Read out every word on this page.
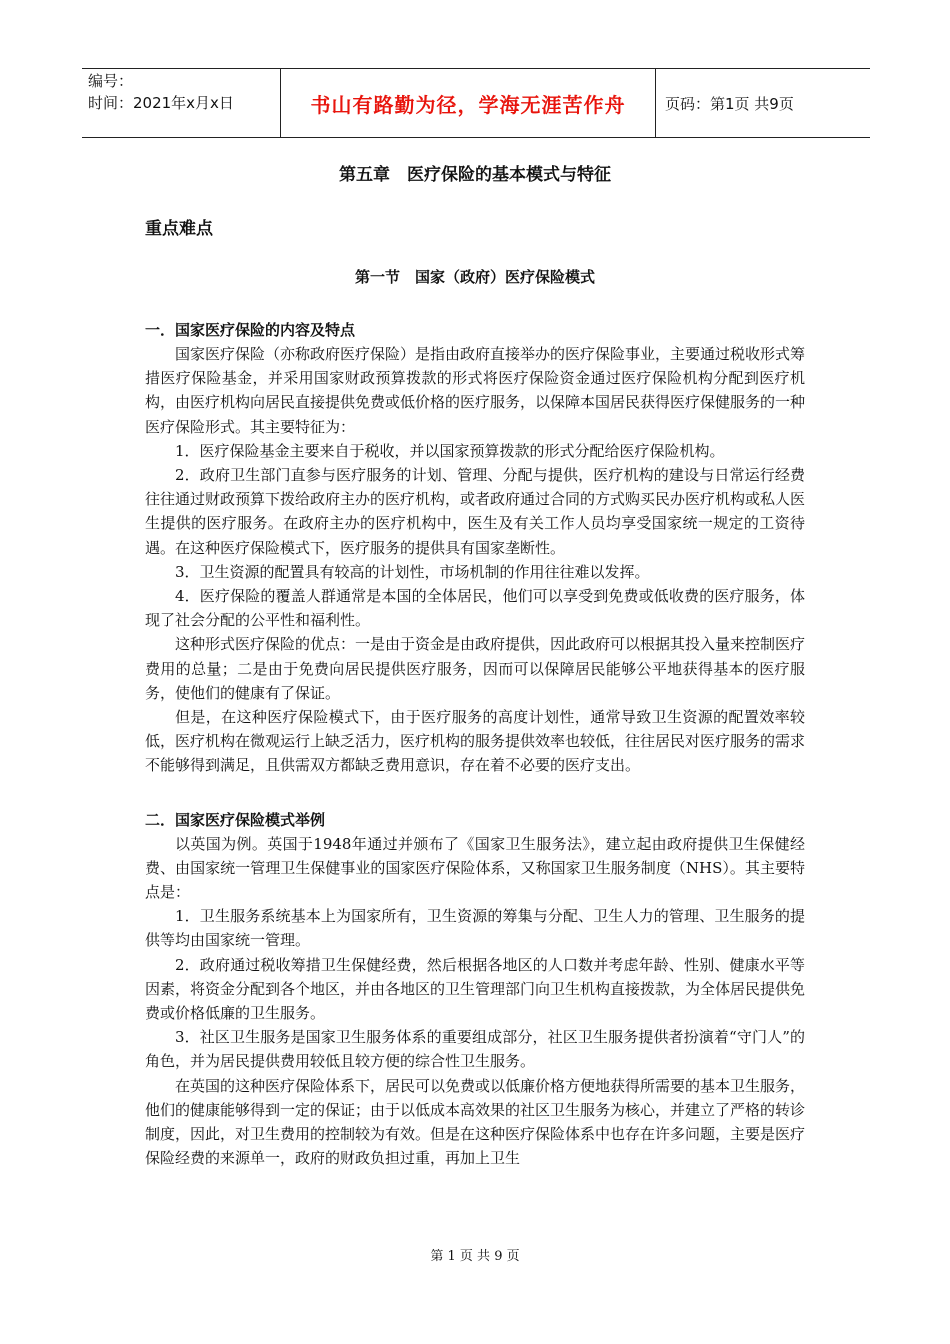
编号：
时间：2021年x月x日	书山有路勤为径，学海无涯苦作舟	页码：第1页 共9页
第五章　医疗保险的基本模式与特征
重点难点
第一节　国家（政府）医疗保险模式
一．国家医疗保险的内容及特点

国家医疗保险（亦称政府医疗保险）是指由政府直接举办的医疗保险事业，主要通过税收形式筹措医疗保险基金，并采用国家财政预算拨款的形式将医疗保险资金通过医疗保险机构分配到医疗机构，由医疗机构向居民直接提供免费或低价格的医疗服务，以保障本国居民获得医疗保健服务的一种医疗保险形式。其主要特征为：

1．医疗保险基金主要来自于税收，并以国家预算拨款的形式分配给医疗保险机构。

2．政府卫生部门直参与医疗服务的计划、管理、分配与提供，医疗机构的建设与日常运行经费往往通过财政预算下拨给政府主办的医疗机构，或者政府通过合同的方式购买民办医疗机构或私人医生提供的医疗服务。在政府主办的医疗机构中，医生及有关工作人员均享受国家统一规定的工资待遇。在这种医疗保险模式下，医疗服务的提供具有国家垄断性。

3．卫生资源的配置具有较高的计划性，市场机制的作用往往难以发挥。

4．医疗保险的覆盖人群通常是本国的全体居民，他们可以享受到免费或低收费的医疗服务，体现了社会分配的公平性和福利性。

这种形式医疗保险的优点：一是由于资金是由政府提供，因此政府可以根据其投入量来控制医疗费用的总量；二是由于免费向居民提供医疗服务，因而可以保障居民能够公平地获得基本的医疗服务，使他们的健康有了保证。

但是，在这种医疗保险模式下，由于医疗服务的高度计划性，通常导致卫生资源的配置效率较低，医疗机构在微观运行上缺乏活力，医疗机构的服务提供效率也较低，往往居民对医疗服务的需求不能够得到满足，且供需双方都缺乏费用意识，存在着不必要的医疗支出。

二．国家医疗保险模式举例

以英国为例。英国于1948年通过并颁布了《国家卫生服务法》，建立起由政府提供卫生保健经费、由国家统一管理卫生保健事业的国家医疗保险体系，又称国家卫生服务制度（NHS）。其主要特点是：

1．卫生服务系统基本上为国家所有，卫生资源的筹集与分配、卫生人力的管理、卫生服务的提供等均由国家统一管理。

2．政府通过税收筹措卫生保健经费，然后根据各地区的人口数并考虑年龄、性别、健康水平等因素，将资金分配到各个地区，并由各地区的卫生管理部门向卫生机构直接拨款，为全体居民提供免费或价格低廉的卫生服务。

3．社区卫生服务是国家卫生服务体系的重要组成部分，社区卫生服务提供者扮演着“守门人”的角色，并为居民提供费用较低且较方便的综合性卫生服务。

在英国的这种医疗保险体系下，居民可以免费或以低廉价格方便地获得所需要的基本卫生服务，他们的健康能够得到一定的保证；由于以低成本高效果的社区卫生服务为核心，并建立了严格的转诊制度，因此，对卫生费用的控制较为有效。但是在这种医疗保险体系中也存在许多问题，主要是医疗保险经费的来源单一，政府的财政负担过重，再加上卫生

第 1 页 共 9 页
